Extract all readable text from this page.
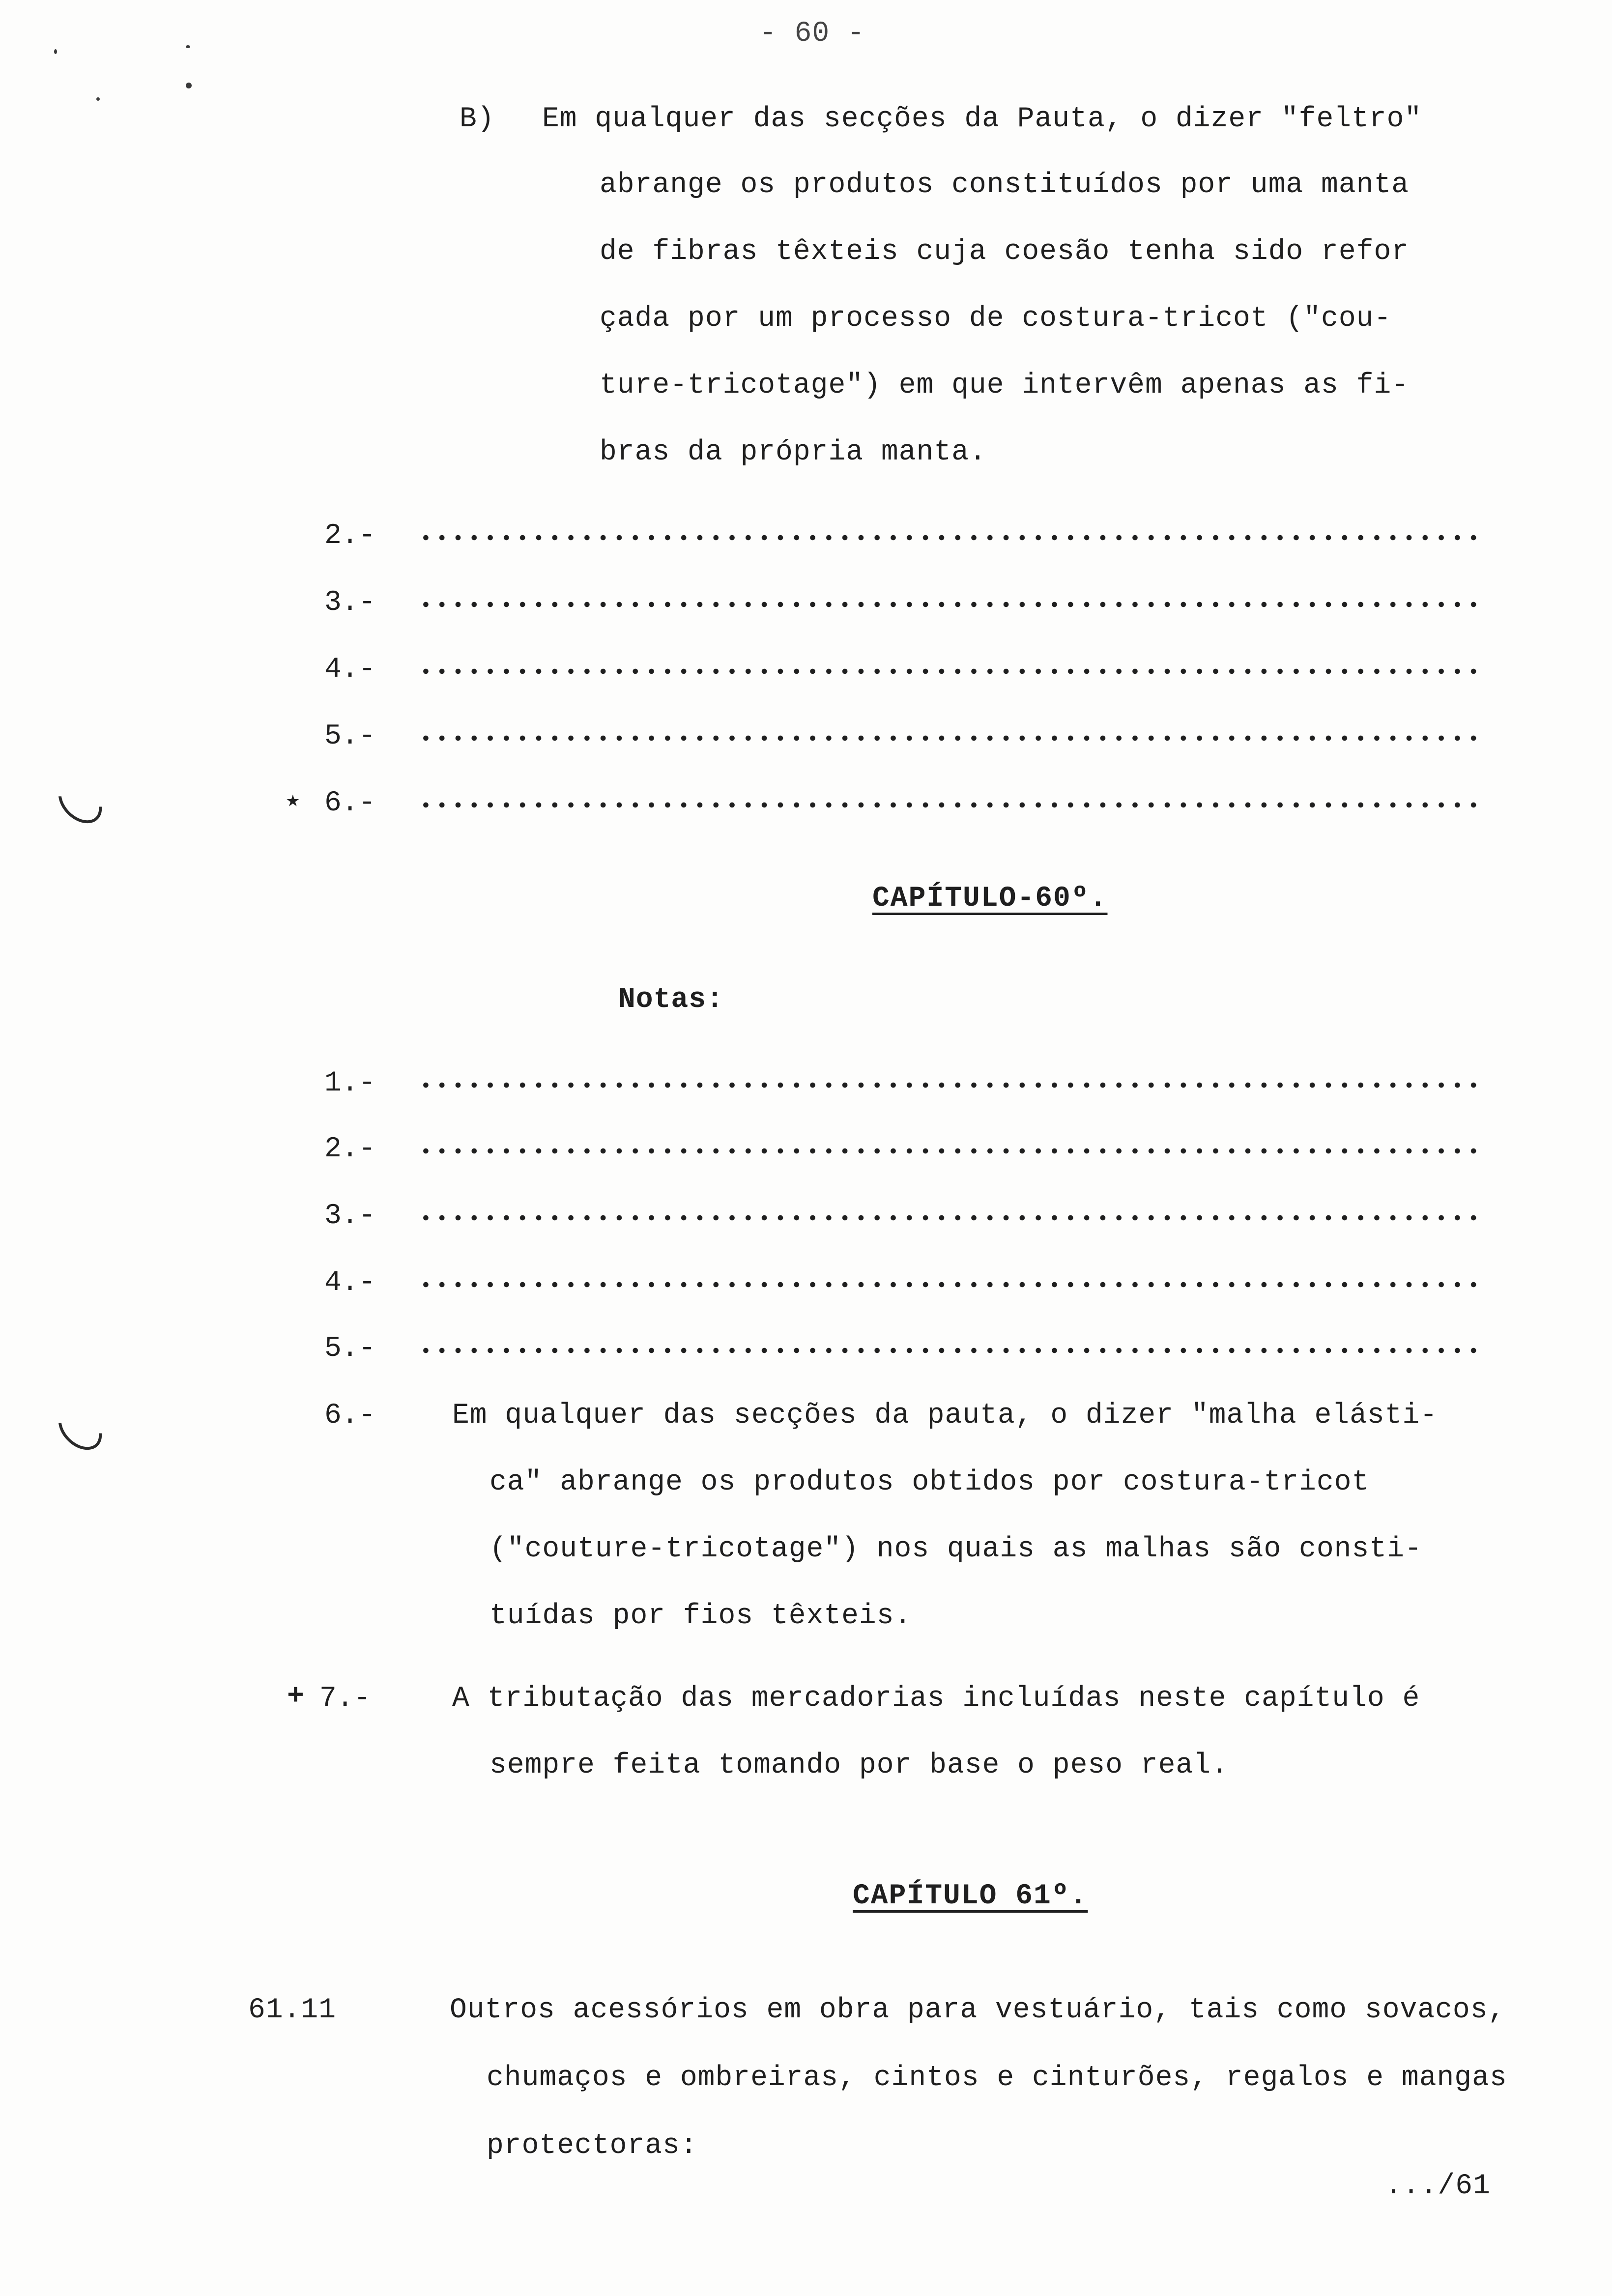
- 60 -
B) Em qualquer das secções da Pauta, o dizer "feltro"
abrange os produtos constituídos por uma manta
de fibras têxteis cuja coesão tenha sido refor
çada por um processo de costura-tricot ("cou-
ture-tricotage") em que intervêm apenas as fi-
bras da própria manta.
2.-
3.-
4.-
5.-
★ 6.-
CAPÍTULO-60º.
Notas:
1.-
2.-
3.-
4.-
5.-
6.-	Em qualquer das secções da pauta, o dizer "malha elásti-
ca" abrange os produtos obtidos por costura-tricot
("couture-tricotage") nos quais as malhas são consti-
tuídas por fios têxteis.
+ 7.-	A tributação das mercadorias incluídas neste capítulo é
sempre feita tomando por base o peso real.
CAPÍTULO 61º.
61.11	Outros acessórios em obra para vestuário, tais como sovacos,
chumaços e ombreiras, cintos e cinturões, regalos e mangas
protectoras:
.../61
